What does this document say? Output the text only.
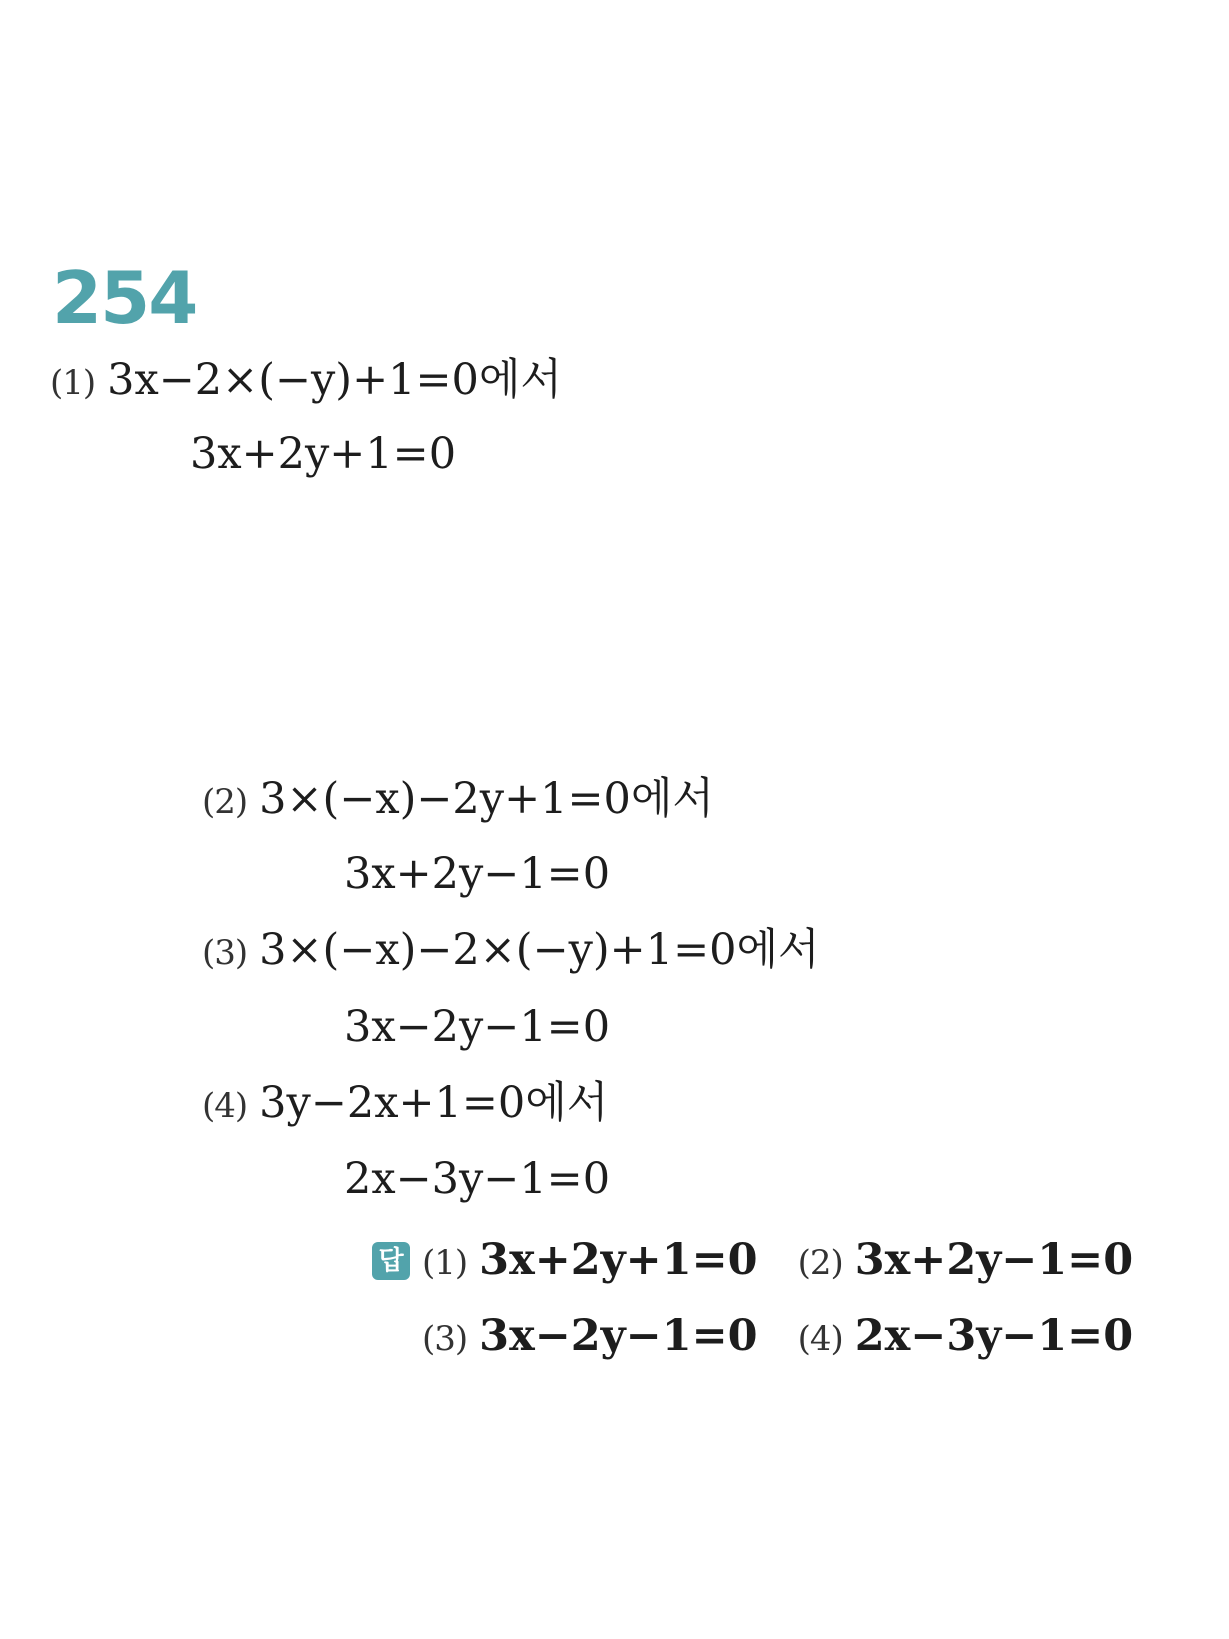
254
(1) 3x−2×(−y)+1=0에서
3x+2y+1=0
(2) 3×(−x)−2y+1=0에서
3x+2y−1=0
(3) 3×(−x)−2×(−y)+1=0에서
3x−2y−1=0
(4) 3y−2x+1=0에서
2x−3y−1=0
답 (1) 3x+2y+1=0 (2) 3x+2y−1=0
(3) 3x−2y−1=0 (4) 2x−3y−1=0
